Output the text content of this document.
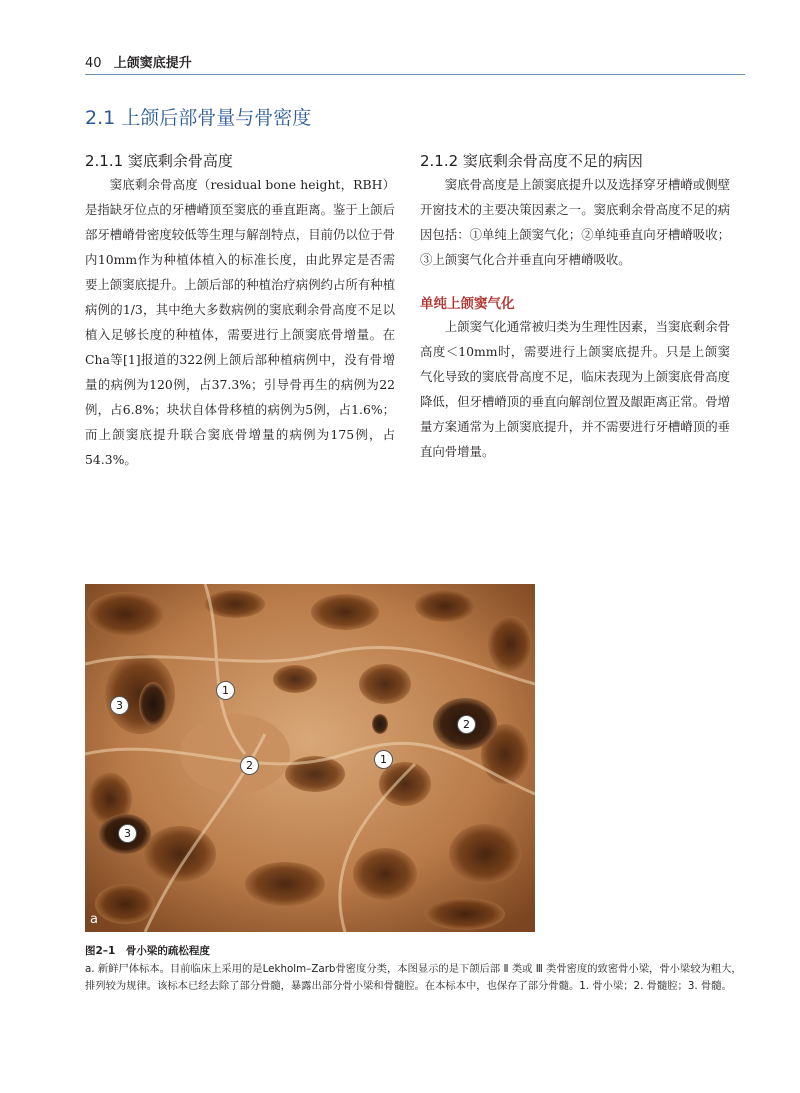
40 上颌窦底提升
2.1 上颌后部骨量与骨密度
2.1.1 窦底剩余骨高度
窦底剩余骨高度（residual bone height，RBH）是指缺牙位点的牙槽嵴顶至窦底的垂直距离。鉴于上颌后部牙槽嵴骨密度较低等生理与解剖特点，目前仍以位于骨内10mm作为种植体植入的标准长度，由此界定是否需要上颌窦底提升。上颌后部的种植治疗病例约占所有种植病例的1/3，其中绝大多数病例的窦底剩余骨高度不足以植入足够长度的种植体，需要进行上颌窦底骨增量。在Cha等[1]报道的322例上颌后部种植病例中，没有骨增量的病例为120例，占37.3%；引导骨再生的病例为22例，占6.8%；块状自体骨移植的病例为5例，占1.6%；而上颌窦底提升联合窦底骨增量的病例为175例，占54.3%。
2.1.2 窦底剩余骨高度不足的病因
窦底骨高度是上颌窦底提升以及选择穿牙槽嵴或侧壁开窗技术的主要决策因素之一。窦底剩余骨高度不足的病因包括：①单纯上颌窦气化；②单纯垂直向牙槽嵴吸收；③上颌窦气化合并垂直向牙槽嵴吸收。
单纯上颌窦气化
上颌窦气化通常被归类为生理性因素，当窦底剩余骨高度＜10mm时，需要进行上颌窦底提升。只是上颌窦气化导致的窦底骨高度不足，临床表现为上颌窦底骨高度降低，但牙槽嵴顶的垂直向解剖位置及龈距离正常。骨增量方案通常为上颌窦底提升，并不需要进行牙槽嵴顶的垂直向骨增量。
a
1
1
2
2
3
3
图2–1　骨小梁的疏松程度
a. 新鲜尸体标本。目前临床上采用的是Lekholm–Zarb骨密度分类，本图显示的是下颌后部 Ⅱ 类或 Ⅲ 类骨密度的致密骨小梁，骨小梁较为粗大，排列较为规律。该标本已经去除了部分骨髓，暴露出部分骨小梁和骨髓腔。在本标本中，也保存了部分骨髓。1. 骨小梁；2. 骨髓腔；3. 骨髓。
